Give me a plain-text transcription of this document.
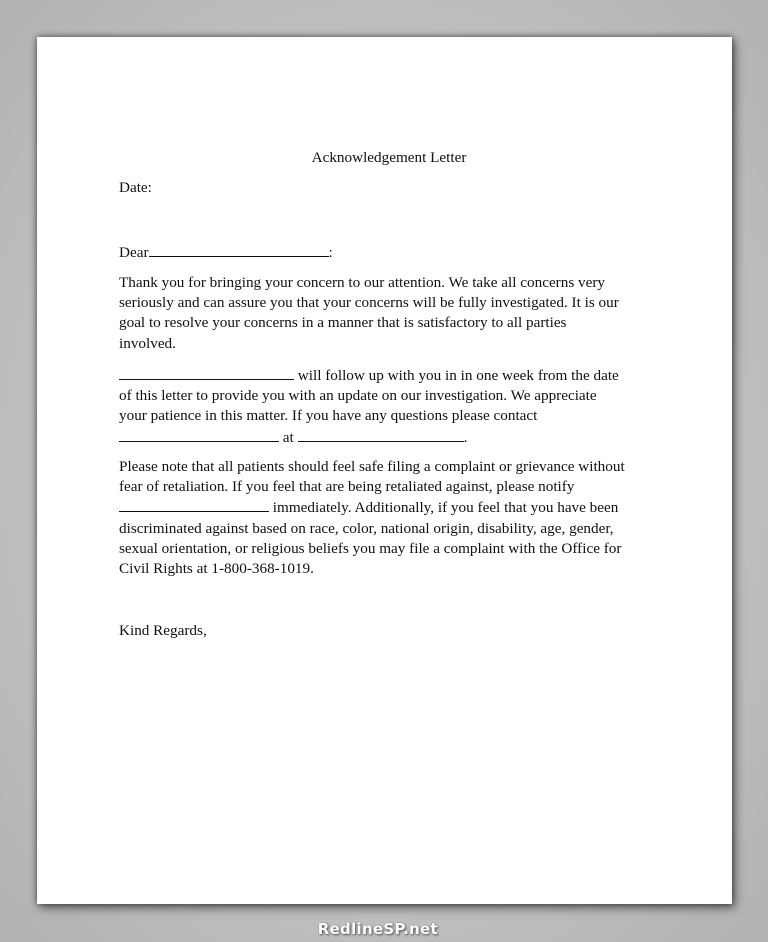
Acknowledgement Letter
Date:
Dear	:

Thank you for bringing your concern to our attention. We take all concerns very
seriously and can assure you that your concerns will be fully investigated. It is our
goal to resolve your concerns in a manner that is satisfactory to all parties
involved.

will follow up with you in in one week from the date
of this letter to provide you with an update on our investigation. We appreciate
your patience in this matter. If you have any questions please contact
at	.

Please note that all patients should feel safe filing a complaint or grievance without
fear of retaliation. If you feel that are being retaliated against, please notify
immediately. Additionally, if you feel that you have been
discriminated against based on race, color, national origin, disability, age, gender,
sexual orientation, or religious beliefs you may file a complaint with the Office for
Civil Rights at 1-800-368-1019.

Kind Regards,
RedlineSP.net
